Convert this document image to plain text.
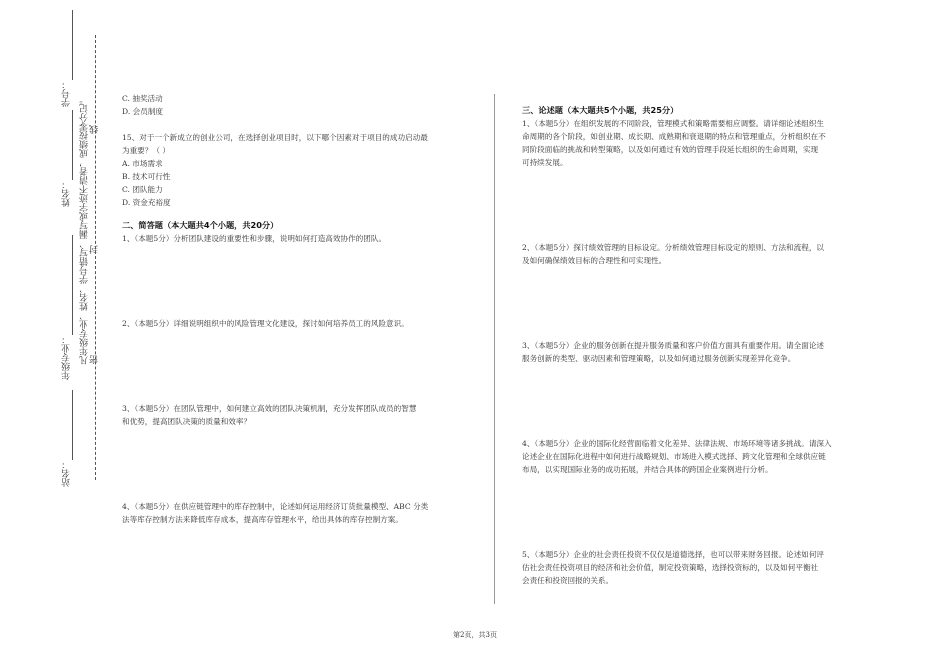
学号：
姓名：
年级专业：
站名：
凡年级专业、姓名、学号错写、漏写或字迹不清者，成绩按零分记。 密
封
线

C. 抽奖活动

D. 会员制度

15、对于一个新成立的创业公司，在选择创业项目时，以下哪个因素对于项目的成功启动最

为重要？（ ）

A. 市场需求

B. 技术可行性

C. 团队能力

D. 资金充裕度

二、简答题（本大题共4个小题，共20分）

1、（本题5分）分析团队建设的重要性和步骤，说明如何打造高效协作的团队。

2、（本题5分）详细说明组织中的风险管理文化建设，探讨如何培养员工的风险意识。

3、（本题5分）在团队管理中，如何建立高效的团队决策机制，充分发挥团队成员的智慧

和优势，提高团队决策的质量和效率？

4、（本题5分）在供应链管理中的库存控制中，论述如何运用经济订货批量模型、ABC 分类

法等库存控制方法来降低库存成本，提高库存管理水平，给出具体的库存控制方案。

三、论述题（本大题共5个小题，共25分）

1、（本题5分）在组织发展的不同阶段，管理模式和策略需要相应调整。请详细论述组织生

命周期的各个阶段，如创业期、成长期、成熟期和衰退期的特点和管理重点，分析组织在不

同阶段面临的挑战和转型策略，以及如何通过有效的管理手段延长组织的生命周期，实现

可持续发展。

2、（本题5分）探讨绩效管理的目标设定。分析绩效管理目标设定的原则、方法和流程，以

及如何确保绩效目标的合理性和可实现性。

3、（本题5分）企业的服务创新在提升服务质量和客户价值方面具有重要作用。请全面论述

服务创新的类型、驱动因素和管理策略，以及如何通过服务创新实现差异化竞争。

4、（本题5分）企业的国际化经营面临着文化差异、法律法规、市场环境等诸多挑战。请深入

论述企业在国际化进程中如何进行战略规划、市场进入模式选择、跨文化管理和全球供应链

布局，以实现国际业务的成功拓展，并结合具体的跨国企业案例进行分析。

5、（本题5分）企业的社会责任投资不仅仅是道德选择，也可以带来财务回报。论述如何评

估社会责任投资项目的经济和社会价值，制定投资策略，选择投资标的，以及如何平衡社

会责任和投资回报的关系。

第2页，共3页
